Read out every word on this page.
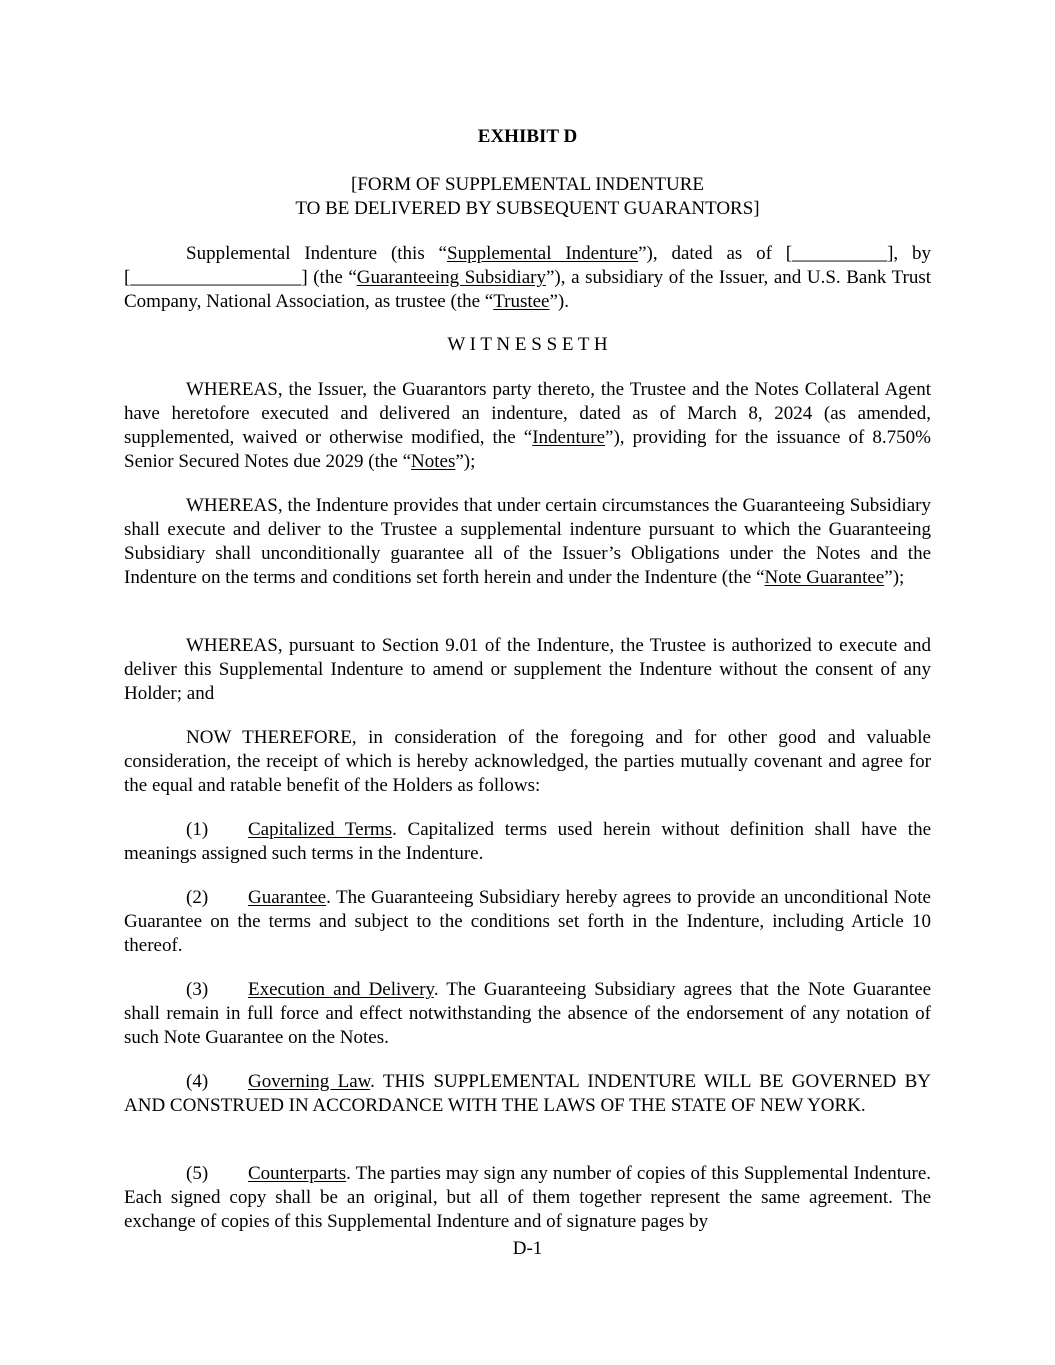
EXHIBIT D
[FORM OF SUPPLEMENTAL INDENTURE
TO BE DELIVERED BY SUBSEQUENT GUARANTORS]
Supplemental Indenture (this “Supplemental Indenture”), dated as of [__________], by [__________________] (the “Guaranteeing Subsidiary”), a subsidiary of the Issuer, and U.S. Bank Trust Company, National Association, as trustee (the “Trustee”).
W I T N E S S E T H
WHEREAS, the Issuer, the Guarantors party thereto, the Trustee and the Notes Collateral Agent have heretofore executed and delivered an indenture, dated as of March 8, 2024 (as amended, supplemented, waived or otherwise modified, the “Indenture”), providing for the issuance of 8.750% Senior Secured Notes due 2029 (the “Notes”);
WHEREAS, the Indenture provides that under certain circumstances the Guaranteeing Subsidiary shall execute and deliver to the Trustee a supplemental indenture pursuant to which the Guaranteeing Subsidiary shall unconditionally guarantee all of the Issuer’s Obligations under the Notes and the Indenture on the terms and conditions set forth herein and under the Indenture (the “Note Guarantee”);
WHEREAS, pursuant to Section 9.01 of the Indenture, the Trustee is authorized to execute and deliver this Supplemental Indenture to amend or supplement the Indenture without the consent of any Holder; and
NOW THEREFORE, in consideration of the foregoing and for other good and valuable consideration, the receipt of which is hereby acknowledged, the parties mutually covenant and agree for the equal and ratable benefit of the Holders as follows:
(1) Capitalized Terms. Capitalized terms used herein without definition shall have the meanings assigned such terms in the Indenture.
(2) Guarantee. The Guaranteeing Subsidiary hereby agrees to provide an unconditional Note Guarantee on the terms and subject to the conditions set forth in the Indenture, including Article 10 thereof.
(3) Execution and Delivery. The Guaranteeing Subsidiary agrees that the Note Guarantee shall remain in full force and effect notwithstanding the absence of the endorsement of any notation of such Note Guarantee on the Notes.
(4) Governing Law. THIS SUPPLEMENTAL INDENTURE WILL BE GOVERNED BY AND CONSTRUED IN ACCORDANCE WITH THE LAWS OF THE STATE OF NEW YORK.
(5) Counterparts. The parties may sign any number of copies of this Supplemental Indenture. Each signed copy shall be an original, but all of them together represent the same agreement. The exchange of copies of this Supplemental Indenture and of signature pages by
D-1
